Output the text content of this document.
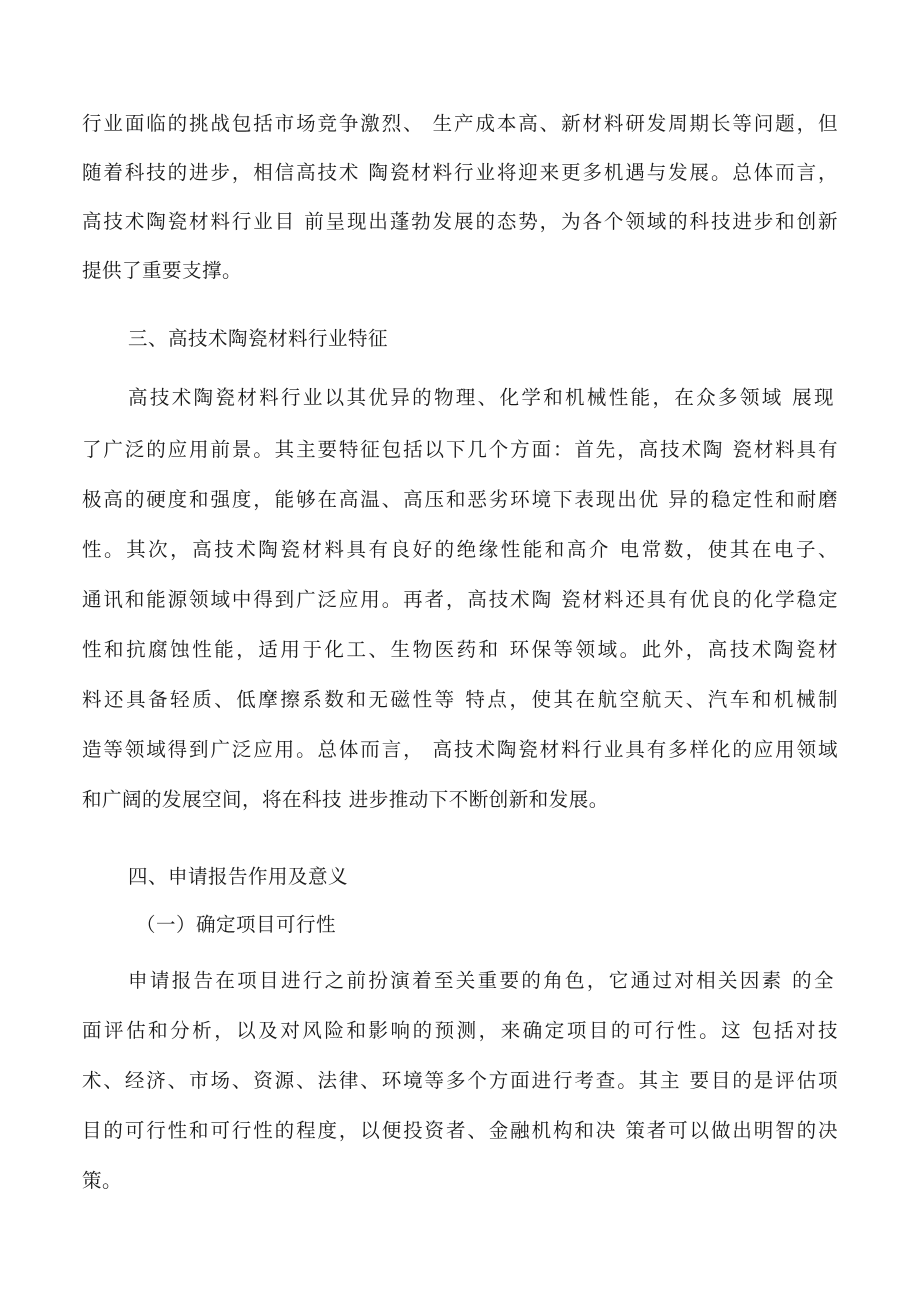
行业面临的挑战包括市场竞争激烈、 生产成本高、新材料研发周期长等问题，但

随着科技的进步，相信高技术 陶瓷材料行业将迎来更多机遇与发展。总体而言，

高技术陶瓷材料行业目 前呈现出蓬勃发展的态势，为各个领域的科技进步和创新

提供了重要支撑。

三、高技术陶瓷材料行业特征

高技术陶瓷材料行业以其优异的物理、化学和机械性能，在众多领域 展现

了广泛的应用前景。其主要特征包括以下几个方面：首先，高技术陶 瓷材料具有

极高的硬度和强度，能够在高温、高压和恶劣环境下表现出优 异的稳定性和耐磨

性。其次，高技术陶瓷材料具有良好的绝缘性能和高介 电常数，使其在电子、

通讯和能源领域中得到广泛应用。再者，高技术陶 瓷材料还具有优良的化学稳定

性和抗腐蚀性能，适用于化工、生物医药和 环保等领域。此外，高技术陶瓷材

料还具备轻质、低摩擦系数和无磁性等 特点，使其在航空航天、汽车和机械制

造等领域得到广泛应用。总体而言， 高技术陶瓷材料行业具有多样化的应用领域

和广阔的发展空间，将在科技 进步推动下不断创新和发展。

四、申请报告作用及意义
（一）确定项目可行性

申请报告在项目进行之前扮演着至关重要的角色，它通过对相关因素 的全

面评估和分析，以及对风险和影响的预测，来确定项目的可行性。这 包括对技

术、经济、市场、资源、法律、环境等多个方面进行考查。其主 要目的是评估项

目的可行性和可行性的程度，以便投资者、金融机构和决 策者可以做出明智的决

策。
